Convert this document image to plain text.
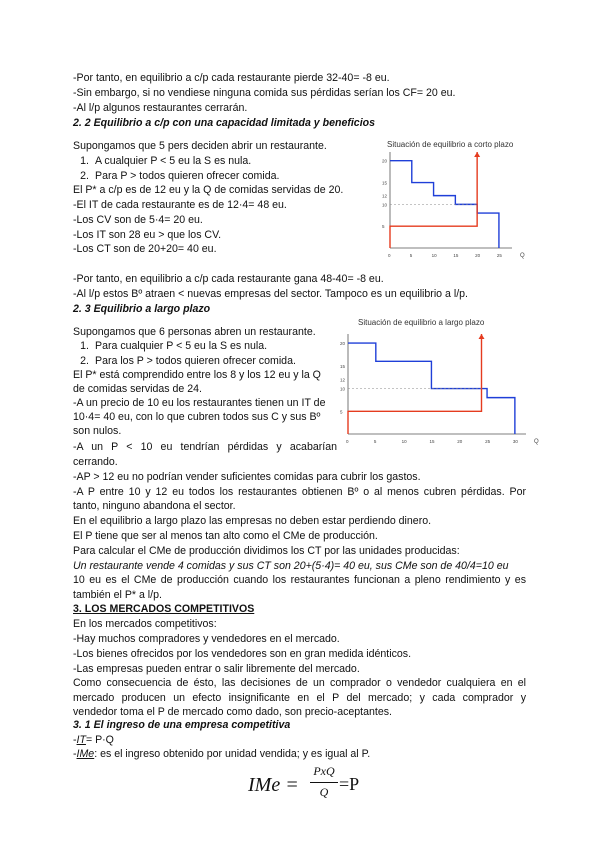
-Por tanto, en equilibrio a c/p cada restaurante pierde 32-40= -8 eu.
-Sin embargo, si no vendiese ninguna comida sus pérdidas serían los CF= 20 eu.
-Al l/p algunos restaurantes cerrarán.
2. 2 Equilibrio a c/p con una capacidad limitada y beneficios
Supongamos que 5 pers deciden abrir un restaurante.
1. A cualquier P < 5 eu la S es nula.
2. Para P > todos quieren ofrecer comida.
El P* a c/p es de 12 eu y la Q de comidas servidas de 20.
-El IT de cada restaurante es de 12·4= 48 eu.
-Los CV son de 5·4= 20 eu.
-Los IT son 28 eu > que los CV.
-Los CT son de 20+20= 40 eu.
-Por tanto, en equilibrio a c/p cada restaurante gana 48-40= -8 eu.
-Al l/p estos Bº atraen < nuevas empresas del sector. Tampoco es un equilibrio a l/p.
Situación de equilibrio a corto plazo
20
15
12
10
5
0	5	10	15	20	25	Q
2. 3 Equilibrio a largo plazo
Supongamos que 6 personas abren un restaurante.
1. Para cualquier P < 5 eu la S es nula.
2. Para los P > todos quieren ofrecer comida.
El P* está comprendido entre los 8 y los 12 eu y la Q
de comidas servidas de 24.
-A un precio de 10 eu los restaurantes tienen un IT de
10·4= 40 eu, con lo que cubren todos sus C y sus Bº
son nulos.
-A un P < 10 eu tendrían pérdidas y acabarían
cerrando.
-AP > 12 eu no podrían vender suficientes comidas para cubrir los gastos.
-A P entre 10 y 12 eu todos los restaurantes obtienen Bº o al menos cubren pérdidas. Por
tanto, ninguno abandona el sector.
En el equilibrio a largo plazo las empresas no deben estar perdiendo dinero.
El P tiene que ser al menos tan alto como el CMe de producción.
Para calcular el CMe de producción dividimos los CT por las unidades producidas:
Un restaurante vende 4 comidas y sus CT son 20+(5·4)= 40 eu, sus CMe son de 40/4=10 eu
10 eu es el CMe de producción cuando los restaurantes funcionan a pleno rendimiento y es
también el P* a l/p.
Situación de equilibrio a largo plazo
20
15
12
10
5
0	5	10	15	20	25	30	Q
3. LOS MERCADOS COMPETITIVOS
En los mercados competitivos:
-Hay muchos compradores y vendedores en el mercado.
-Los bienes ofrecidos por los vendedores son en gran medida idénticos.
-Las empresas pueden entrar o salir libremente del mercado.
Como consecuencia de ésto, las decisiones de un comprador o vendedor cualquiera en el
mercado producen un efecto insignificante en el P del mercado; y cada comprador y
vendedor toma el P de mercado como dado, son precio-aceptantes.
3. 1 El ingreso de una empresa competitiva
-IT= P·Q
-IMe: es el ingreso obtenido por unidad vendida; y es igual al P.
IMe =
PxQ
Q =P
